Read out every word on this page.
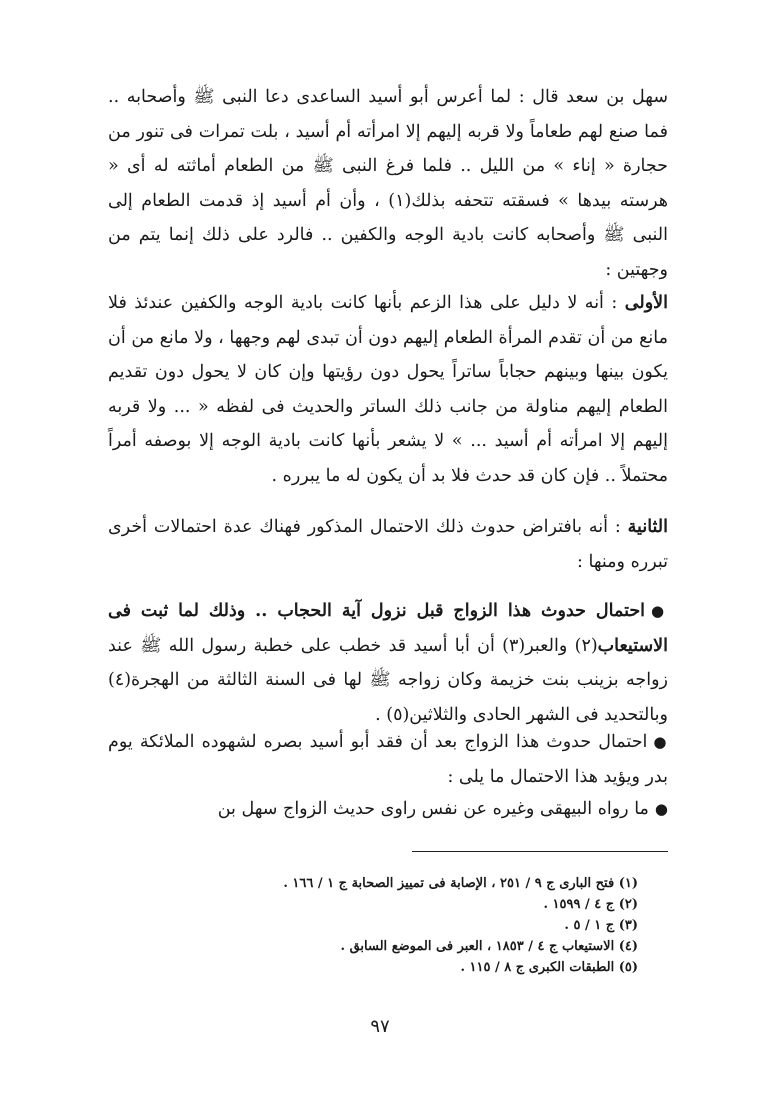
سهل بن سعد قال : لما أعرس أبو أسيد الساعدى دعا النبى ﷺ وأصحابه .. فما صنع لهم طعاماً ولا قربه إليهم إلا امرأته أم أسيد ، بلت تمرات فى تنور من حجارة « إناء » من الليل .. فلما فرغ النبى ﷺ من الطعام أماثته له أى « هرسته بيدها » فسقته تتحفه بذلك(١) ، وأن أم أسيد إذ قدمت الطعام إلى النبى ﷺ وأصحابه كانت بادية الوجه والكفين .. فالرد على ذلك إنما يتم من وجهتين :

الأولى : أنه لا دليل على هذا الزعم بأنها كانت بادية الوجه والكفين عندئذ فلا مانع من أن تقدم المرأة الطعام إليهم دون أن تبدى لهم وجهها ، ولا مانع من أن يكون بينها وبينهم حجاباً ساتراً يحول دون رؤيتها وإن كان لا يحول دون تقديم الطعام إليهم مناولة من جانب ذلك الساتر والحديث فى لفظه « ... ولا قربه إليهم إلا امرأته أم أسيد ... » لا يشعر بأنها كانت بادية الوجه إلا بوصفه أمراً محتملاً .. فإن كان قد حدث فلا بد أن يكون له ما يبرره .

الثانية : أنه بافتراض حدوث ذلك الاحتمال المذكور فهناك عدة احتمالات أخرى تبرره ومنها :

●احتمال حدوث هذا الزواج قبل نزول آية الحجاب .. وذلك لما ثبت فى الاستيعاب(٢) والعبر(٣) أن أبا أسيد قد خطب على خطبة رسول الله ﷺ عند زواجه بزينب بنت خزيمة وكان زواجه ﷺ لها فى السنة الثالثة من الهجرة(٤) وبالتحديد فى الشهر الحادى والثلاثين(٥) .

●احتمال حدوث هذا الزواج بعد أن فقد أبو أسيد بصره لشهوده الملائكة يوم بدر ويؤيد هذا الاحتمال ما يلى :

●ما رواه البيهقى وغيره عن نفس راوى حديث الزواج سهل بن

(١) فتح البارى ج ٩ / ٢٥١ ، الإصابة فى تمييز الصحابة ج ١ / ١٦٦ .
(٢) ج ٤ / ١٥٩٩ .
(٣) ج ١ / ٥ .
(٤) الاستيعاب ج ٤ / ١٨٥٣ ، العبر فى الموضع السابق .
(٥) الطبقات الكبرى ج ٨ / ١١٥ .
٩٧
